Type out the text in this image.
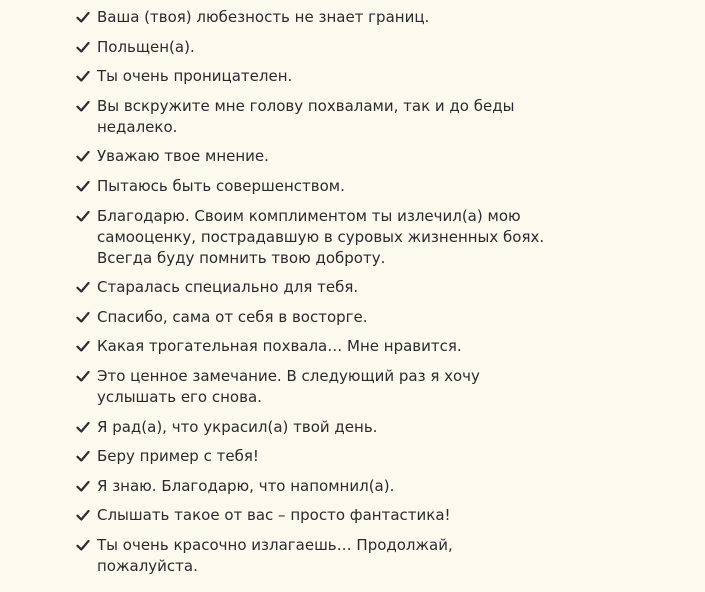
Ваша (твоя) любезность не знает границ.
Польщен(а).
Ты очень проницателен.
Вы вскружите мне голову похвалами, так и до беды недалеко.
Уважаю твое мнение.
Пытаюсь быть совершенством.
Благодарю. Своим комплиментом ты излечил(а) мою самооценку, пострадавшую в суровых жизненных боях. Всегда буду помнить твою доброту.
Старалась специально для тебя.
Спасибо, сама от себя в восторге.
Какая трогательная похвала… Мне нравится.
Это ценное замечание. В следующий раз я хочу услышать его снова.
Я рад(а), что украсил(а) твой день.
Беру пример с тебя!
Я знаю. Благодарю, что напомнил(а).
Слышать такое от вас – просто фантастика!
Ты очень красочно излагаешь… Продолжай, пожалуйста.
